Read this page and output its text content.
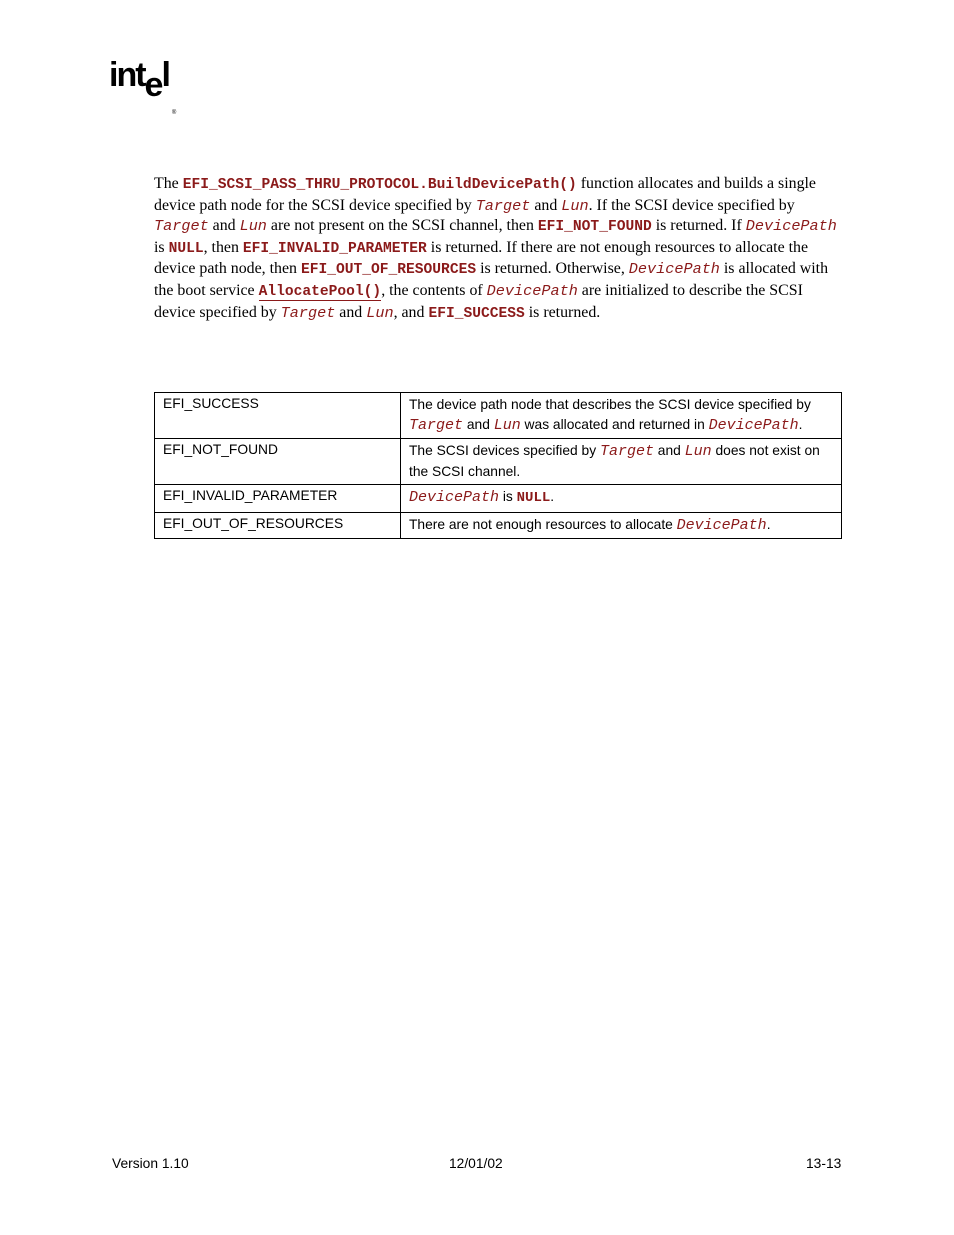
intel$_®$
The EFI_SCSI_PASS_THRU_PROTOCOL.BuildDevicePath() function allocates and builds a single device path node for the SCSI device specified by Target and Lun. If the SCSI device specified by Target and Lun are not present on the SCSI channel, then EFI_NOT_FOUND is returned. If DevicePath is NULL, then EFI_INVALID_PARAMETER is returned. If there are not enough resources to allocate the device path node, then EFI_OUT_OF_RESOURCES is returned. Otherwise, DevicePath is allocated with the boot service AllocatePool(), the contents of DevicePath are initialized to describe the SCSI device specified by Target and Lun, and EFI_SUCCESS is returned.
EFI_SUCCESS	The device path node that describes the SCSI device specified by Target and Lun was allocated and returned in DevicePath.
EFI_NOT_FOUND	The SCSI devices specified by Target and Lun does not exist on the SCSI channel.
EFI_INVALID_PARAMETER	DevicePath is NULL.
EFI_OUT_OF_RESOURCES	There are not enough resources to allocate DevicePath.
Version 1.10	12/01/02	13-13
